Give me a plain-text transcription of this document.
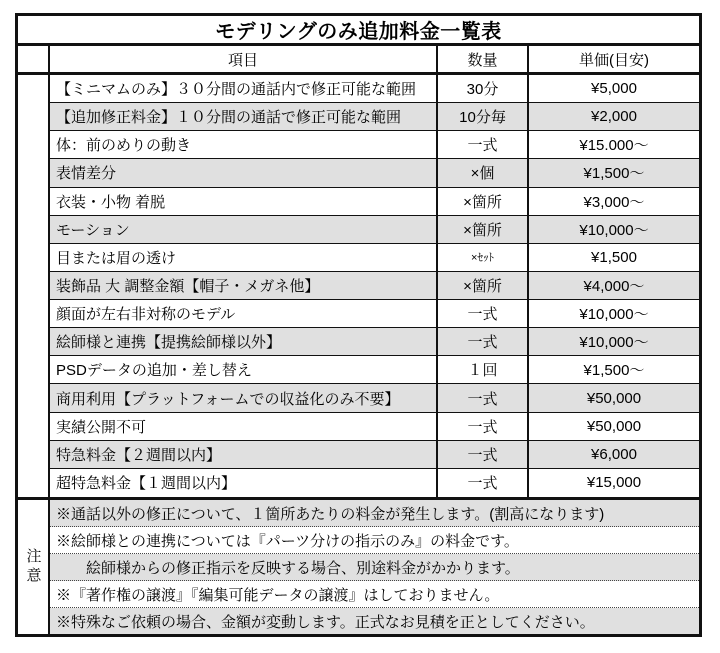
モデリングのみ追加料金一覧表
項目	数量	単価(目安)
【ミニマムのみ】３０分間の通話内で修正可能な範囲	30分	¥5,000
【追加修正料金】１０分間の通話で修正可能な範囲	10分毎	¥2,000
体：前のめりの動き	一式	¥15.000～
表情差分	×個	¥1,500～
衣装・小物 着脱	×箇所	¥3,000～
モーション	×箇所	¥10,000～
目または眉の透け	×ｾｯﾄ	¥1,500
装飾品 大 調整金額【帽子・メガネ他】	×箇所	¥4,000～
顔面が左右非対称のモデル	一式	¥10,000～
絵師様と連携【提携絵師様以外】	一式	¥10,000～
PSDデータの追加・差し替え	１回	¥1,500～
商用利用【プラットフォームでの収益化のみ不要】	一式	¥50,000
実績公開不可	一式	¥50,000
特急料金【２週間以内】	一式	¥6,000
超特急料金【１週間以内】	一式	¥15,000
注意
※通話以外の修正について、１箇所あたりの料金が発生します。(割高になります)
※絵師様との連携については『パーツ分けの指示のみ』の料金です。
　　絵師様からの修正指示を反映する場合、別途料金がかかります。
※『著作権の譲渡』『編集可能データの譲渡』はしておりません。
※特殊なご依頼の場合、金額が変動します。正式なお見積を正としてください。
